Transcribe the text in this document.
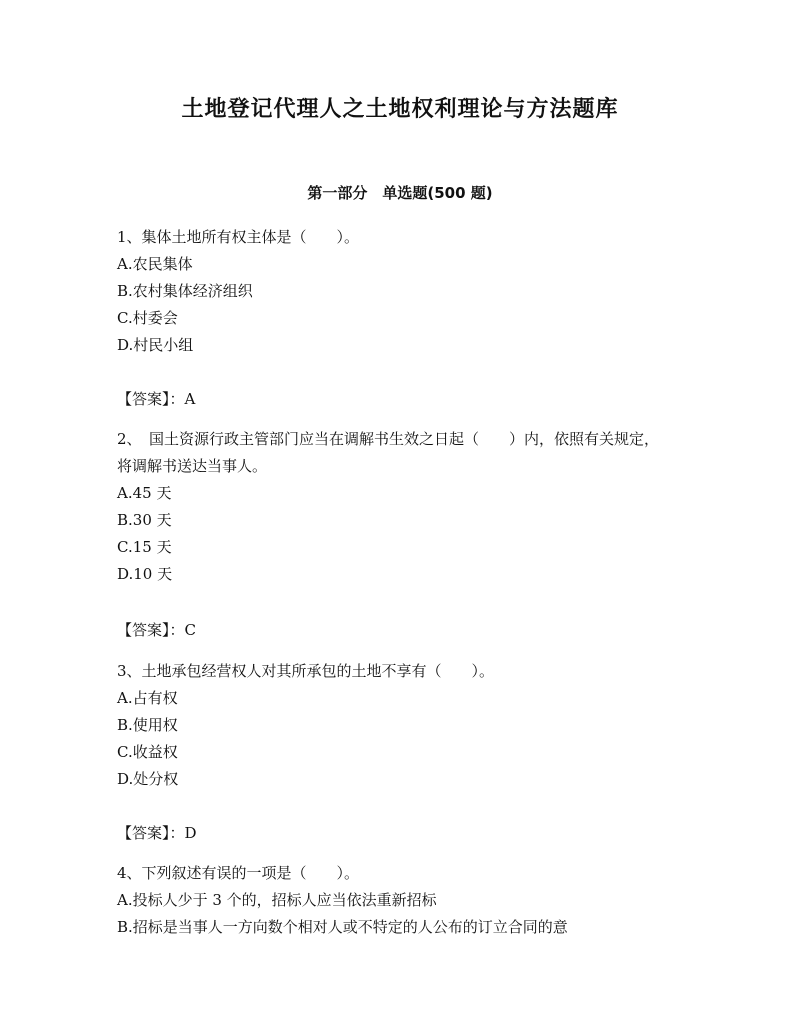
土地登记代理人之土地权利理论与方法题库
第一部分　单选题(500 题)
1、集体土地所有权主体是（　　）。
A.农民集体
B.农村集体经济组织
C.村委会
D.村民小组
【答案】：A
2、　国土资源行政主管部门应当在调解书生效之日起（　　）内，依照有关规定，将调解书送达当事人。
A.45 天
B.30 天
C.15 天
D.10 天
【答案】：C
3、土地承包经营权人对其所承包的土地不享有（　　）。
A.占有权
B.使用权
C.收益权
D.处分权
【答案】：D
4、下列叙述有误的一项是（　　）。
A.投标人少于 3 个的，招标人应当依法重新招标
B.招标是当事人一方向数个相对人或不特定的人公布的订立合同的意
